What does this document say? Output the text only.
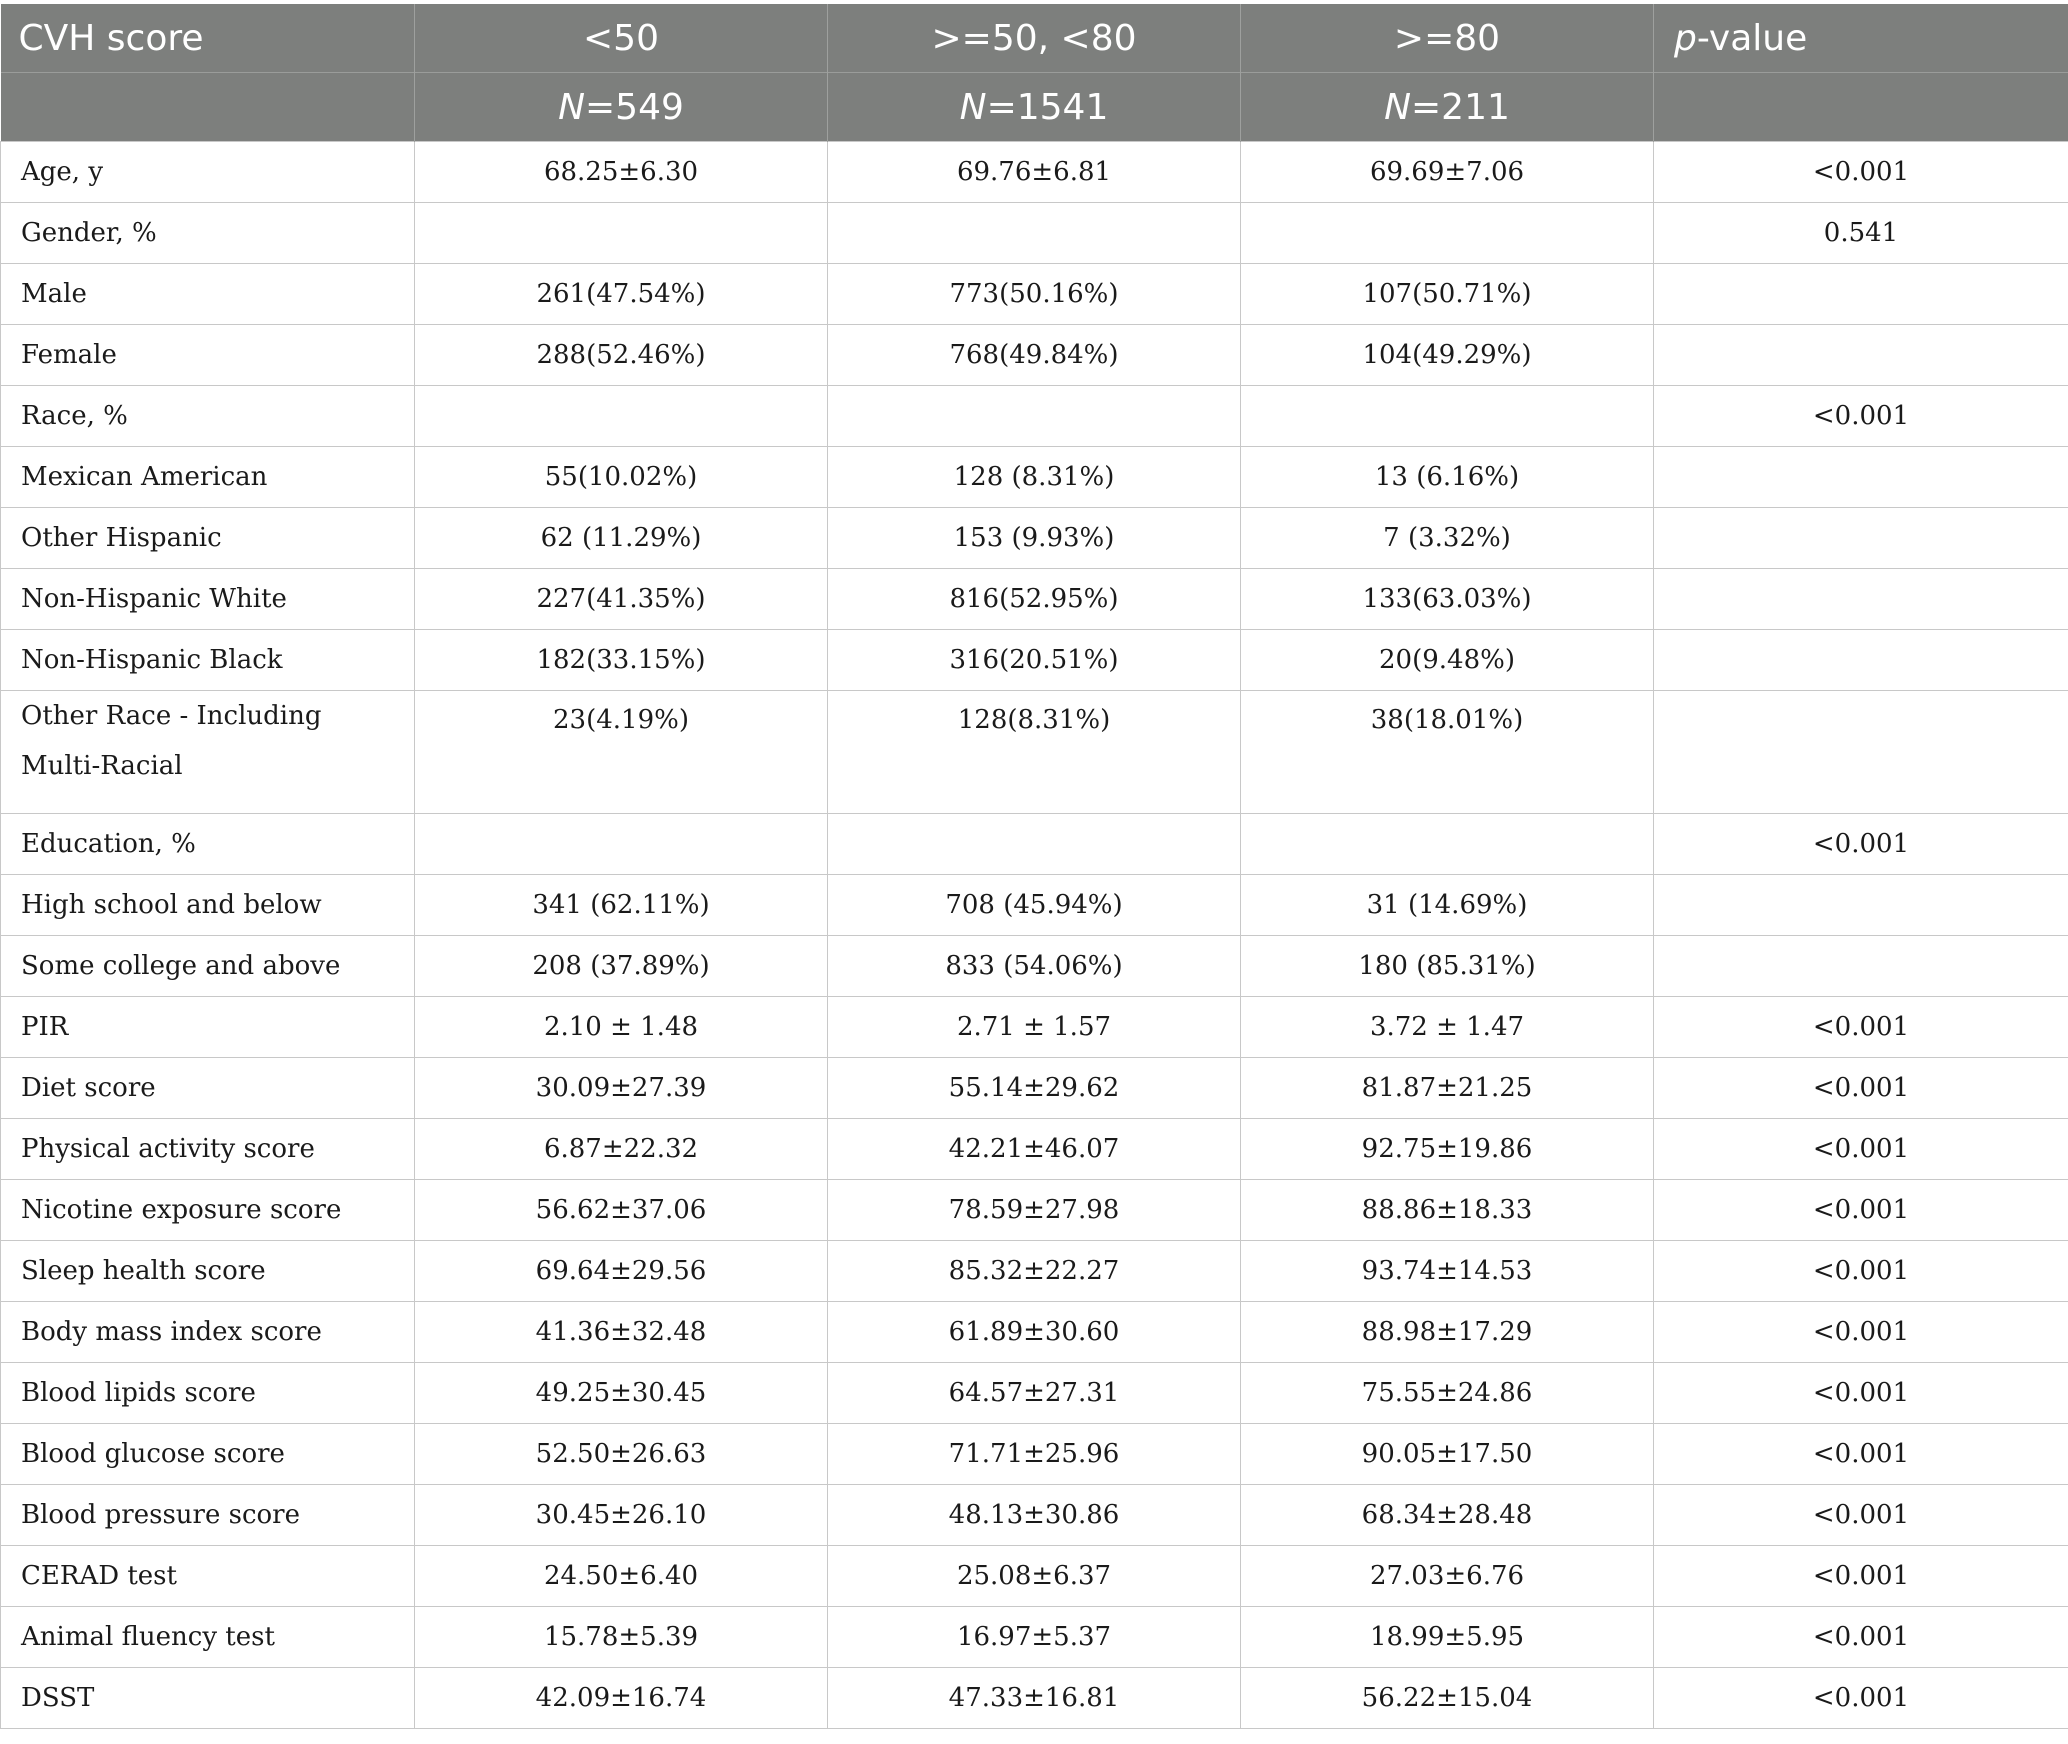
CVH score	<50	>=50, <80	>=80	p-value
	N=549	N=1541	N=211	
Age, y	68.25±6.30	69.76±6.81	69.69±7.06	<0.001
Gender, %				0.541
Male	261(47.54%)	773(50.16%)	107(50.71%)	
Female	288(52.46%)	768(49.84%)	104(49.29%)	
Race, %				<0.001
Mexican American	55(10.02%)	128 (8.31%)	13 (6.16%)	
Other Hispanic	62 (11.29%)	153 (9.93%)	7 (3.32%)	
Non-Hispanic White	227(41.35%)	816(52.95%)	133(63.03%)	
Non-Hispanic Black	182(33.15%)	316(20.51%)	20(9.48%)	
Other Race - Including Multi-Racial	23(4.19%)	128(8.31%)	38(18.01%)	
Education, %				<0.001
High school and below	341 (62.11%)	708 (45.94%)	31 (14.69%)	
Some college and above	208 (37.89%)	833 (54.06%)	180 (85.31%)	
PIR	2.10 ± 1.48	2.71 ± 1.57	3.72 ± 1.47	<0.001
Diet score	30.09±27.39	55.14±29.62	81.87±21.25	<0.001
Physical activity score	6.87±22.32	42.21±46.07	92.75±19.86	<0.001
Nicotine exposure score	56.62±37.06	78.59±27.98	88.86±18.33	<0.001
Sleep health score	69.64±29.56	85.32±22.27	93.74±14.53	<0.001
Body mass index score	41.36±32.48	61.89±30.60	88.98±17.29	<0.001
Blood lipids score	49.25±30.45	64.57±27.31	75.55±24.86	<0.001
Blood glucose score	52.50±26.63	71.71±25.96	90.05±17.50	<0.001
Blood pressure score	30.45±26.10	48.13±30.86	68.34±28.48	<0.001
CERAD test	24.50±6.40	25.08±6.37	27.03±6.76	<0.001
Animal fluency test	15.78±5.39	16.97±5.37	18.99±5.95	<0.001
DSST	42.09±16.74	47.33±16.81	56.22±15.04	<0.001
